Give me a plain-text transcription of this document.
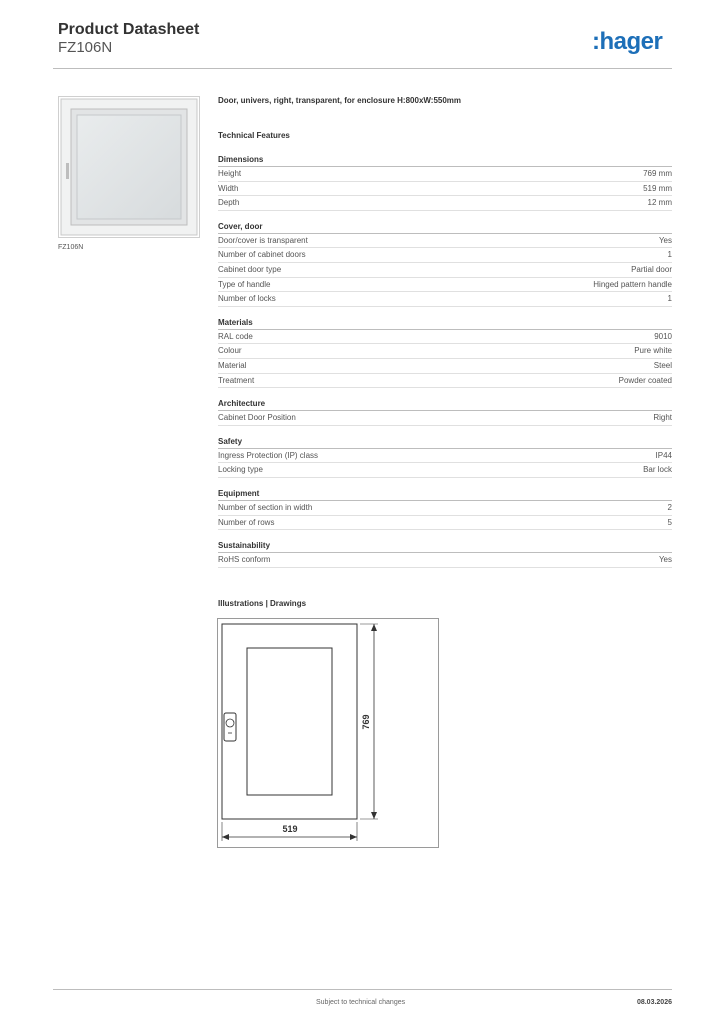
Product Datasheet
FZ106N	:hager
FZ106N
Door, univers, right, transparent, for enclosure H:800xW:550mm
Technical Features
Dimensions
Height	769 mm
Width	519 mm
Depth	12 mm
Cover, door
Door/cover is transparent	Yes
Number of cabinet doors	1
Cabinet door type	Partial door
Type of handle	Hinged pattern handle
Number of locks	1
Materials
RAL code	9010
Colour	Pure white
Material	Steel
Treatment	Powder coated
Architecture
Cabinet Door Position	Right
Safety
Ingress Protection (IP) class	IP44
Locking type	Bar lock
Equipment
Number of section in width	2
Number of rows	5
Sustainability
RoHS conform	Yes
Illustrations | Drawings
519
769
Subject to technical changes	08.03.2026
